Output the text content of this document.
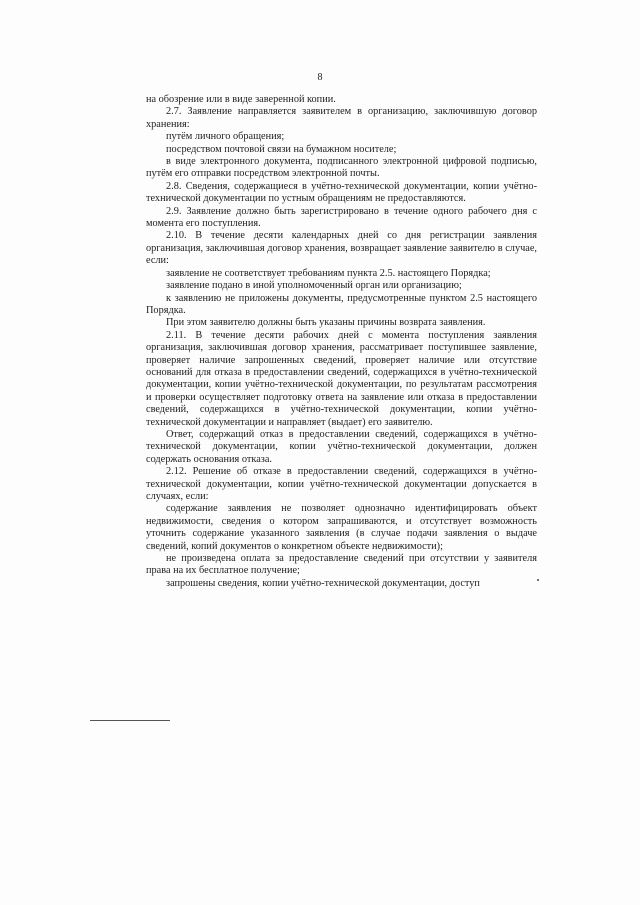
8

на обозрение или в виде заверенной копии.

2.7. Заявление направляется заявителем в организацию, заключившую договор хранения:

путём личного обращения;

посредством почтовой связи на бумажном носителе;

в виде электронного документа, подписанного электронной цифровой подписью, путём его отправки посредством электронной почты.

2.8. Сведения, содержащиеся в учётно-технической документации, копии учётно-технической документации по устным обращениям не предоставляются.

2.9. Заявление должно быть зарегистрировано в течение одного рабочего дня с момента его поступления.

2.10. В течение десяти календарных дней со дня регистрации заявления организация, заключившая договор хранения, возвращает заявление заявителю в случае, если:

заявление не соответствует требованиям пункта 2.5. настоящего Порядка;

заявление подано в иной уполномоченный орган или организацию;

к заявлению не приложены документы, предусмотренные пунктом 2.5 настоящего Порядка.

При этом заявителю должны быть указаны причины возврата заявления.

2.11. В течение десяти рабочих дней с момента поступления заявления организация, заключившая договор хранения, рассматривает поступившее заявление, проверяет наличие запрошенных сведений, проверяет наличие или отсутствие оснований для отказа в предоставлении сведений, содержащихся в учётно-технической документации, копии учётно-технической документации, по результатам рассмотрения и проверки осуществляет подготовку ответа на заявление или отказа в предоставлении сведений, содержащихся в учётно-технической документации, копии учётно-технической документации и направляет (выдает) его заявителю.

Ответ, содержащий отказ в предоставлении сведений, содержащихся в учётно-технической документации, копии учётно-технической документации, должен содержать основания отказа.

2.12. Решение об отказе в предоставлении сведений, содержащихся в учётно-технической документации, копии учётно-технической документации допускается в случаях, если:

содержание заявления не позволяет однозначно идентифицировать объект недвижимости, сведения о котором запрашиваются, и отсутствует возможность уточнить содержание указанного заявления (в случае подачи заявления о выдаче сведений, копий документов о конкретном объекте недвижимости);

не произведена оплата за предоставление сведений при отсутствии у заявителя права на их бесплатное получение;

запрошены сведения, копии учётно-технической документации, доступ
